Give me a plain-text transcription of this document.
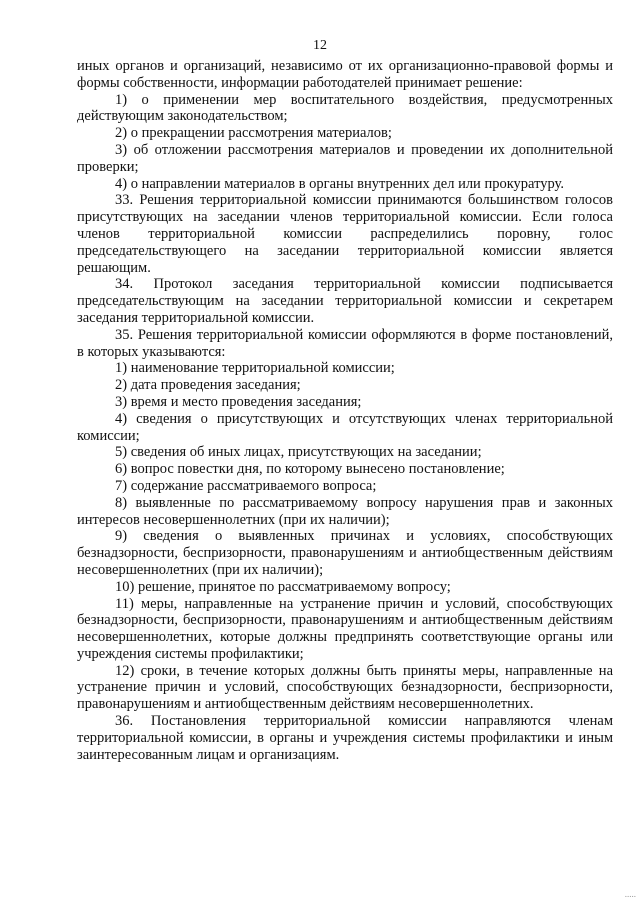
12

иных органов и организаций, независимо от их организационно-правовой формы и формы собственности, информации работодателей принимает решение:

1) о применении мер воспитательного воздействия, предусмотренных действующим законодательством;

2) о прекращении рассмотрения материалов;

3) об отложении рассмотрения материалов и проведении их дополнительной проверки;

4) о направлении материалов в органы внутренних дел или прокуратуру.

33. Решения территориальной комиссии принимаются большинством голосов присутствующих на заседании членов территориальной комиссии. Если голоса членов территориальной комиссии распределились поровну, голос председательствующего на заседании территориальной комиссии является решающим.

34. Протокол заседания территориальной комиссии подписывается председательствующим на заседании территориальной комиссии и секретарем заседания территориальной комиссии.

35. Решения территориальной комиссии оформляются в форме постановлений, в которых указываются:

1) наименование территориальной комиссии;

2) дата проведения заседания;

3) время и место проведения заседания;

4) сведения о присутствующих и отсутствующих членах территориальной комиссии;

5) сведения об иных лицах, присутствующих на заседании;

6) вопрос повестки дня, по которому вынесено постановление;

7) содержание рассматриваемого вопроса;

8) выявленные по рассматриваемому вопросу нарушения прав и законных интересов несовершеннолетних (при их наличии);

9) сведения о выявленных причинах и условиях, способствующих безнадзорности, беспризорности, правонарушениям и антиобщественным действиям несовершеннолетних (при их наличии);

10) решение, принятое по рассматриваемому вопросу;

11) меры, направленные на устранение причин и условий, способствующих безнадзорности, беспризорности, правонарушениям и антиобщественным действиям несовершеннолетних, которые должны предпринять соответствующие органы или учреждения системы профилактики;

12) сроки, в течение которых должны быть приняты меры, направленные на устранение причин и условий, способствующих безнадзорности, беспризорности, правонарушениям и антиобщественным действиям несовершеннолетних.

36. Постановления территориальной комиссии направляются членам территориальной комиссии, в органы и учреждения системы профилактики и иным заинтересованным лицам и организациям.

.....
